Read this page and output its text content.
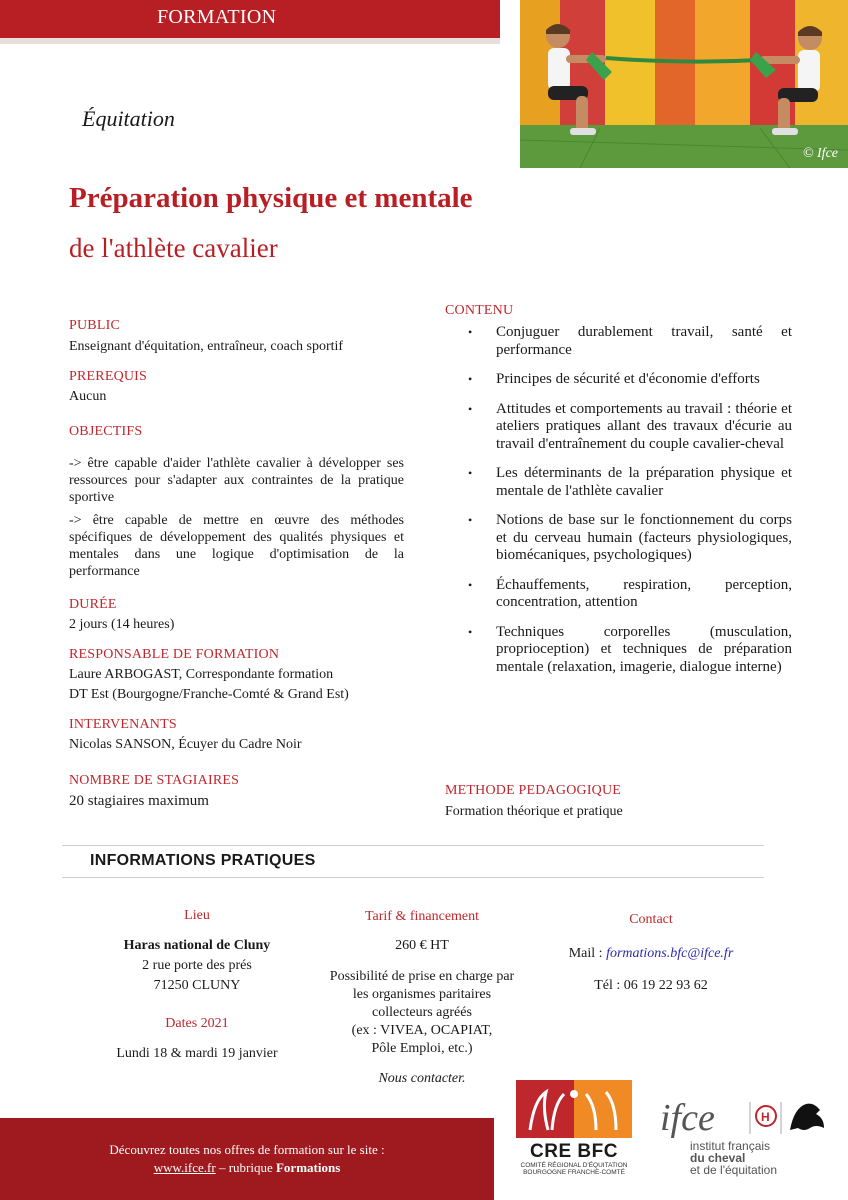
FORMATION
© Ifce
Équitation
Préparation physique et mentale
de l'athlète cavalier
PUBLIC
Enseignant d'équitation, entraîneur, coach sportif
PREREQUIS
Aucun
OBJECTIFS
-> être capable d'aider l'athlète cavalier à développer ses ressources pour s'adapter aux contraintes de la pratique sportive
-> être capable de mettre en œuvre des méthodes spécifiques de développement des qualités physiques et mentales dans une logique d'optimisation de la performance
DURÉE
2 jours (14 heures)
RESPONSABLE DE FORMATION
Laure ARBOGAST, Correspondante formation
DT Est (Bourgogne/Franche-Comté & Grand Est)
INTERVENANTS
Nicolas SANSON, Écuyer du Cadre Noir
NOMBRE DE STAGIAIRES
20 stagiaires maximum
CONTENU
• Conjuguer durablement travail, santé et performance
• Principes de sécurité et d'économie d'efforts
• Attitudes et comportements au travail : théorie et ateliers pratiques allant des travaux d'écurie au travail d'entraînement du couple cavalier-cheval
• Les déterminants de la préparation physique et mentale de l'athlète cavalier
• Notions de base sur le fonctionnement du corps et du cerveau humain (facteurs physiologiques, biomécaniques, psychologiques)
• Échauffements, respiration, perception, concentration, attention
• Techniques corporelles (musculation, proprioception) et techniques de préparation mentale (relaxation, imagerie, dialogue interne)
METHODE PEDAGOGIQUE
Formation théorique et pratique
INFORMATIONS PRATIQUES
Lieu
Haras national de Cluny
2 rue porte des prés
71250 CLUNY
Dates 2021
Lundi 18 & mardi 19 janvier
Tarif & financement
260 € HT
Possibilité de prise en charge par
les organismes paritaires
collecteurs agréés
(ex : VIVEA, OCAPIAT,
Pôle Emploi, etc.)
Nous contacter.
Contact
Mail : formations.bfc@ifce.fr
Tél : 06 19 22 93 62
Découvrez toutes nos offres de formation sur le site :
www.ifce.fr – rubrique Formations
CRE BFC
COMITÉ RÉGIONAL D'ÉQUITATION
BOURGOGNE FRANCHE-COMTÉ
H
ifce
institut français
du cheval
et de l'équitation
